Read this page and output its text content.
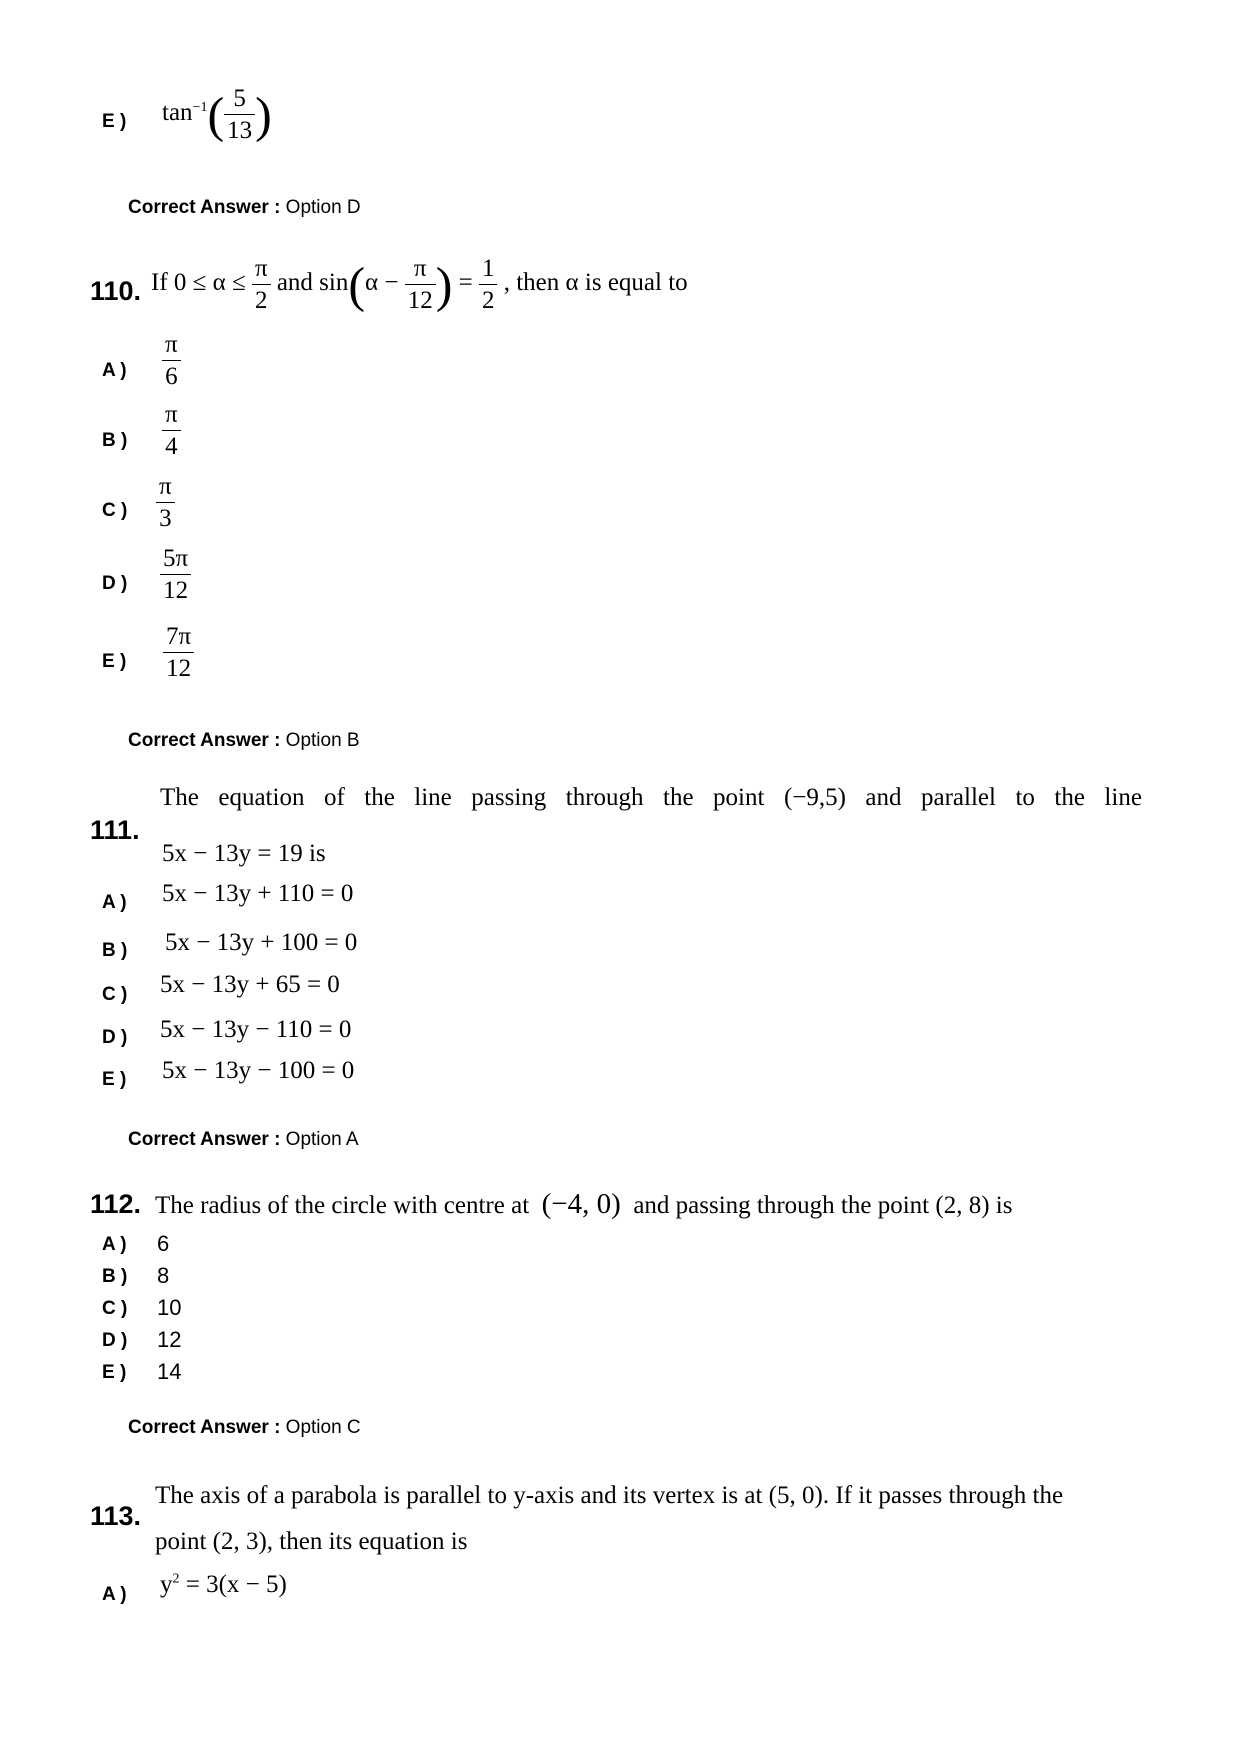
E ) $\tan^{-1}( \frac{5}{13}$ )
Correct Answer : Option D
110. If $0 \le \alpha \le \frac{\pi}{2}$ and $\sin(\alpha - \frac{\pi}{12}$ ) = $\frac{1}{2}$ , then α is equal to
A ) $\frac{\pi}{6}$
B ) $\frac{\pi}{4}$
C ) $\frac{\pi}{3}$
D ) $\frac{5\pi}{12}$
E ) $\frac{7\pi}{12}$
Correct Answer : Option B
111.
The equation of the line passing through the point (−9,5) and parallel to the line
5x − 13y = 19 is
A ) 5x − 13y + 110 = 0
B ) 5x − 13y + 100 = 0
C ) 5x − 13y + 65 = 0
D ) 5x − 13y − 110 = 0
E ) 5x − 13y − 100 = 0
Correct Answer : Option A
112. The radius of the circle with centre at (−4, 0) and passing through the point (2, 8) is
A ) 6
B ) 8
C ) 10
D ) 12
E ) 14
Correct Answer : Option C
113.
The axis of a parabola is parallel to y-axis and its vertex is at (5, 0). If it passes through the
point (2, 3), then its equation is
A ) $y^2 = 3(x - 5)$
